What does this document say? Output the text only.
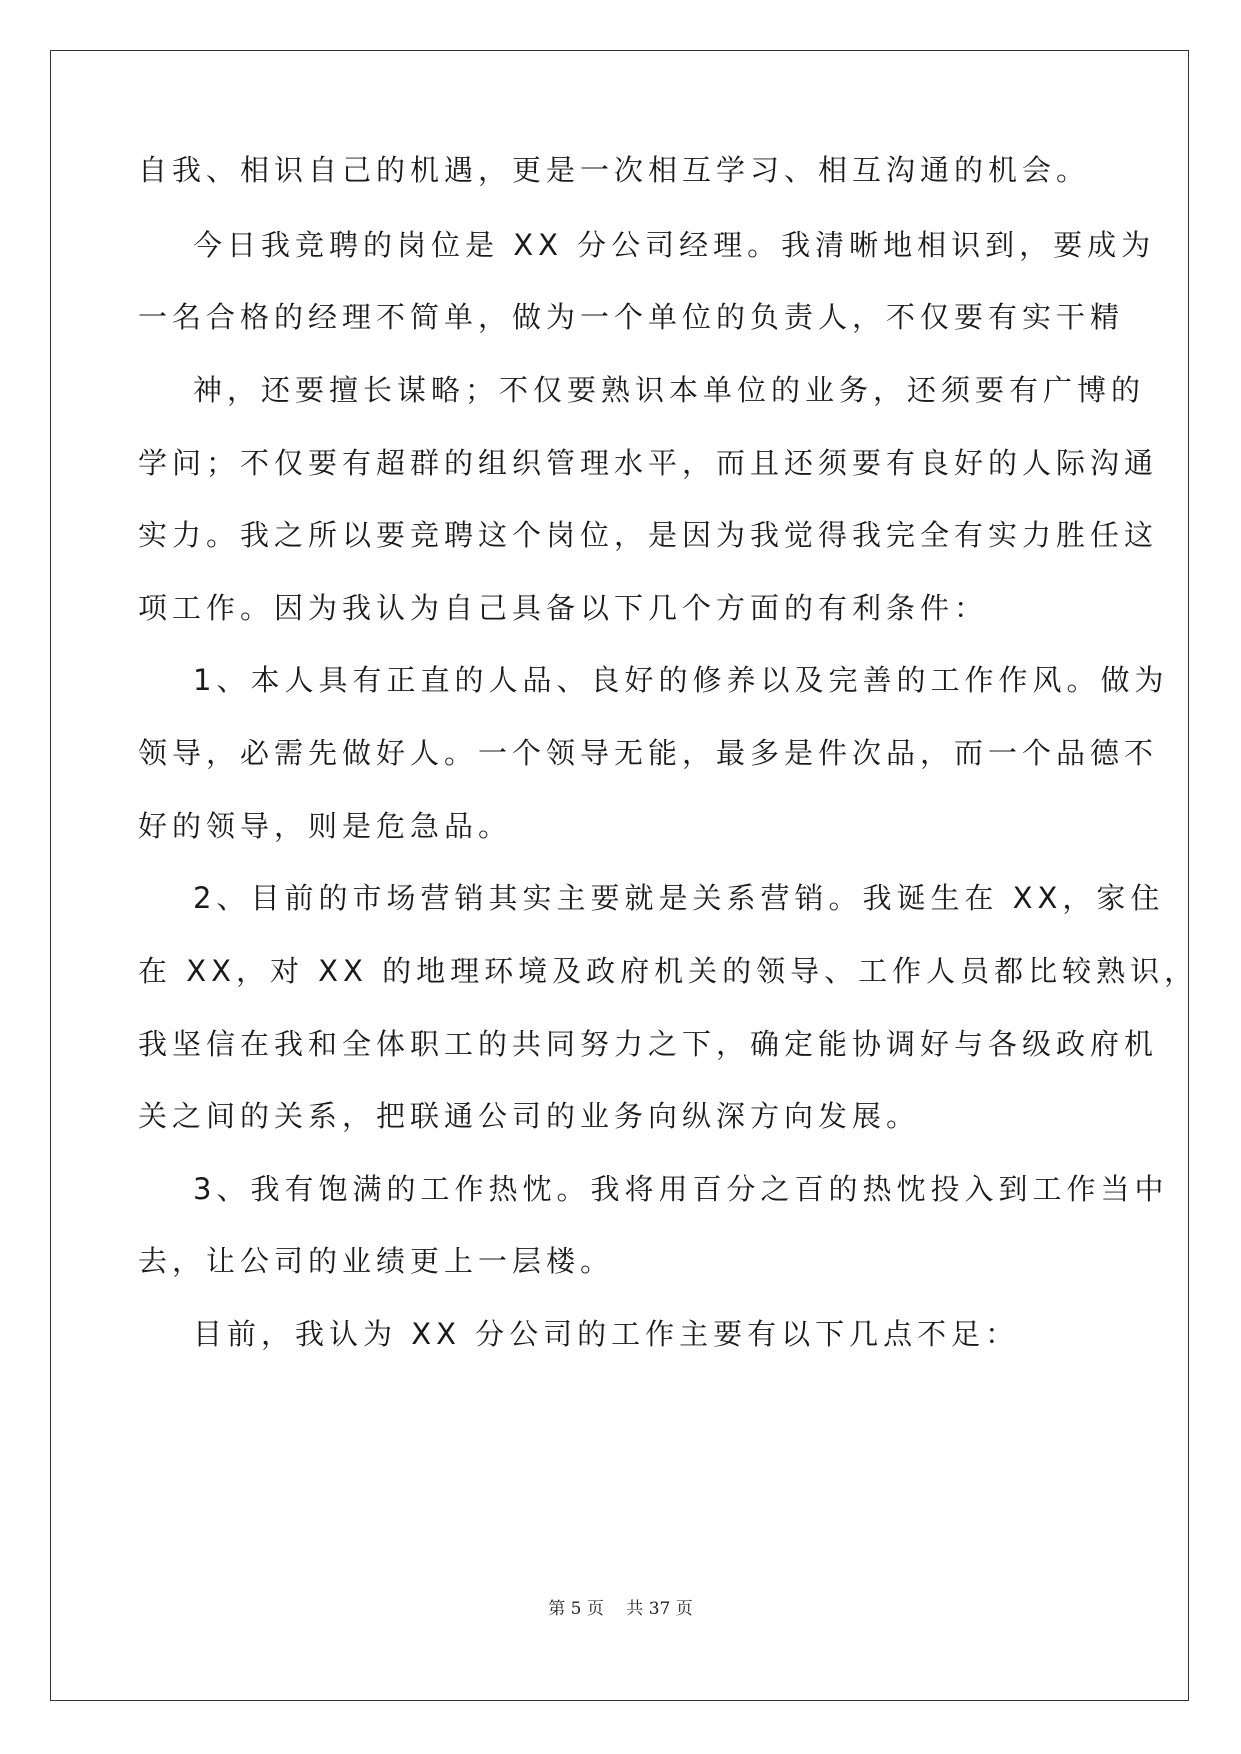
自我、相识自己的机遇，更是一次相互学习、相互沟通的机会。
今日我竞聘的岗位是 XX 分公司经理。我清晰地相识到，要成为
一名合格的经理不简单，做为一个单位的负责人，不仅要有实干精
神，还要擅长谋略；不仅要熟识本单位的业务，还须要有广博的
学问；不仅要有超群的组织管理水平，而且还须要有良好的人际沟通
实力。我之所以要竞聘这个岗位，是因为我觉得我完全有实力胜任这
项工作。因为我认为自己具备以下几个方面的有利条件：
1、本人具有正直的人品、良好的修养以及完善的工作作风。做为
领导，必需先做好人。一个领导无能，最多是件次品，而一个品德不
好的领导，则是危急品。
2、目前的市场营销其实主要就是关系营销。我诞生在 XX，家住
在 XX，对 XX 的地理环境及政府机关的领导、工作人员都比较熟识，
我坚信在我和全体职工的共同努力之下，确定能协调好与各级政府机
关之间的关系，把联通公司的业务向纵深方向发展。
3、我有饱满的工作热忱。我将用百分之百的热忱投入到工作当中
去，让公司的业绩更上一层楼。
目前，我认为 XX 分公司的工作主要有以下几点不足：
第 5 页　 共 37 页
